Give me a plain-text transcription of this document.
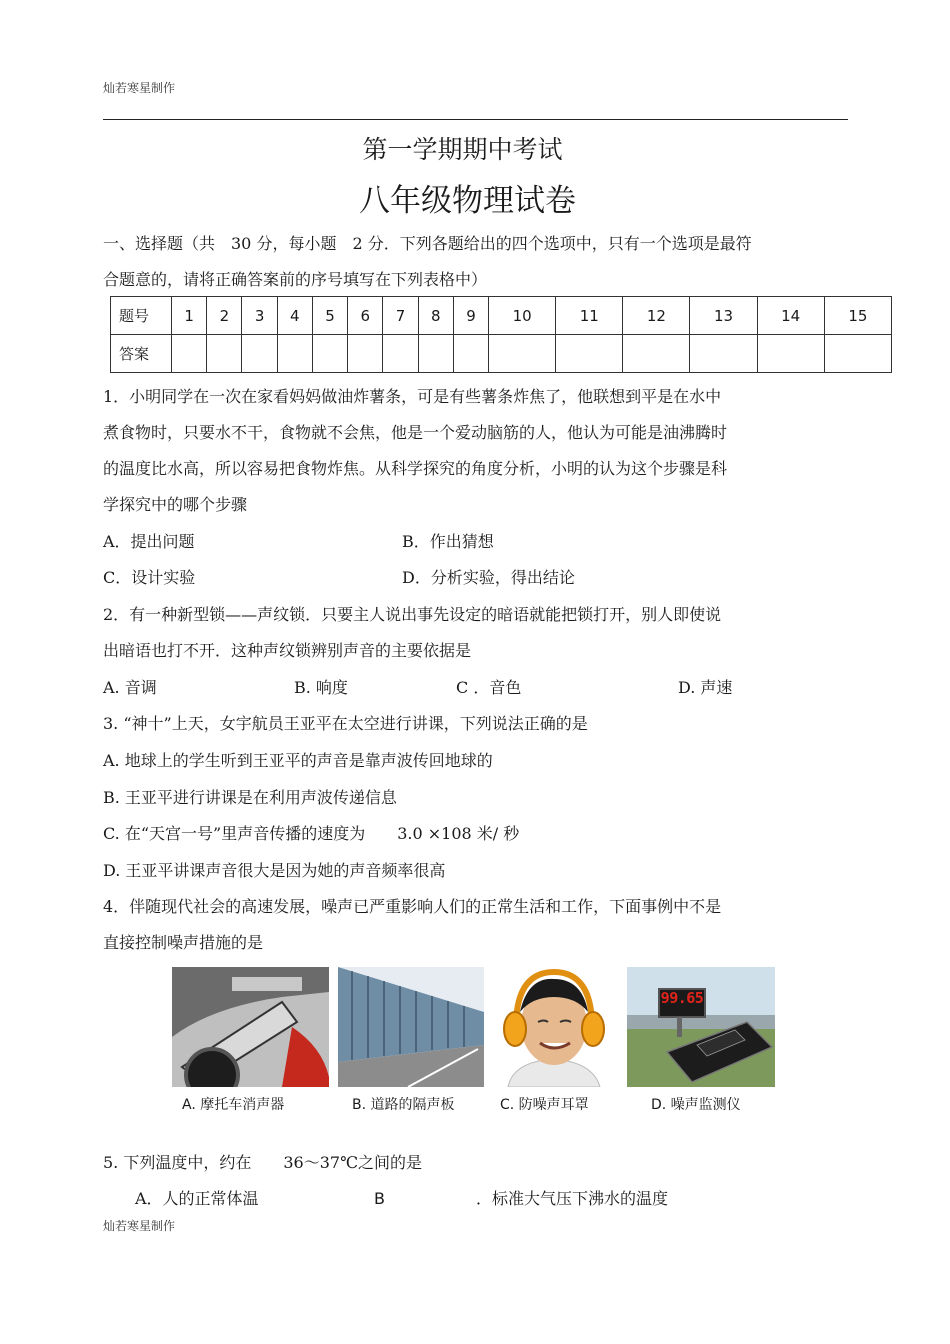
灿若寒星制作
第一学期期中考试
八年级物理试卷
一、选择题（共　30 分，每小题　2 分．下列各题给出的四个选项中，只有一个选项是最符
合题意的，请将正确答案前的序号填写在下列表格中）
题号	1	2	3	4	5	6	7	8	9	10	11	12	13	14	15
答案															
1．小明同学在一次在家看妈妈做油炸薯条，可是有些薯条炸焦了，他联想到平是在水中
煮食物时，只要水不干，食物就不会焦，他是一个爱动脑筋的人，他认为可能是油沸腾时
的温度比水高，所以容易把食物炸焦。从科学探究的角度分析，小明的认为这个步骤是科
学探究中的哪个步骤
A．提出问题	B．作出猜想
C．设计实验	D．分析实验，得出结论
2．有一种新型锁——声纹锁．只要主人说出事先设定的暗语就能把锁打开，别人即使说
出暗语也打不开．这种声纹锁辨别声音的主要依据是
A. 音调	B. 响度	C ．音色	D. 声速
3. “神十”上天，女宇航员王亚平在太空进行讲课，下列说法正确的是
A. 地球上的学生听到王亚平的声音是靠声波传回地球的
B. 王亚平进行讲课是在利用声波传递信息
C. 在“天宫一号”里声音传播的速度为　　3.0 ×108 米/ 秒
D. 王亚平讲课声音很大是因为她的声音频率很高
4．伴随现代社会的高速发展，噪声已严重影响人们的正常生活和工作，下面事例中不是
直接控制噪声措施的是
99.65
A. 摩托车消声器	B. 道路的隔声板	C. 防噪声耳罩	D. 噪声监测仪
5. 下列温度中，约在　　36～37℃之间的是
A．人的正常体温	B	．标准大气压下沸水的温度
灿若寒星制作
